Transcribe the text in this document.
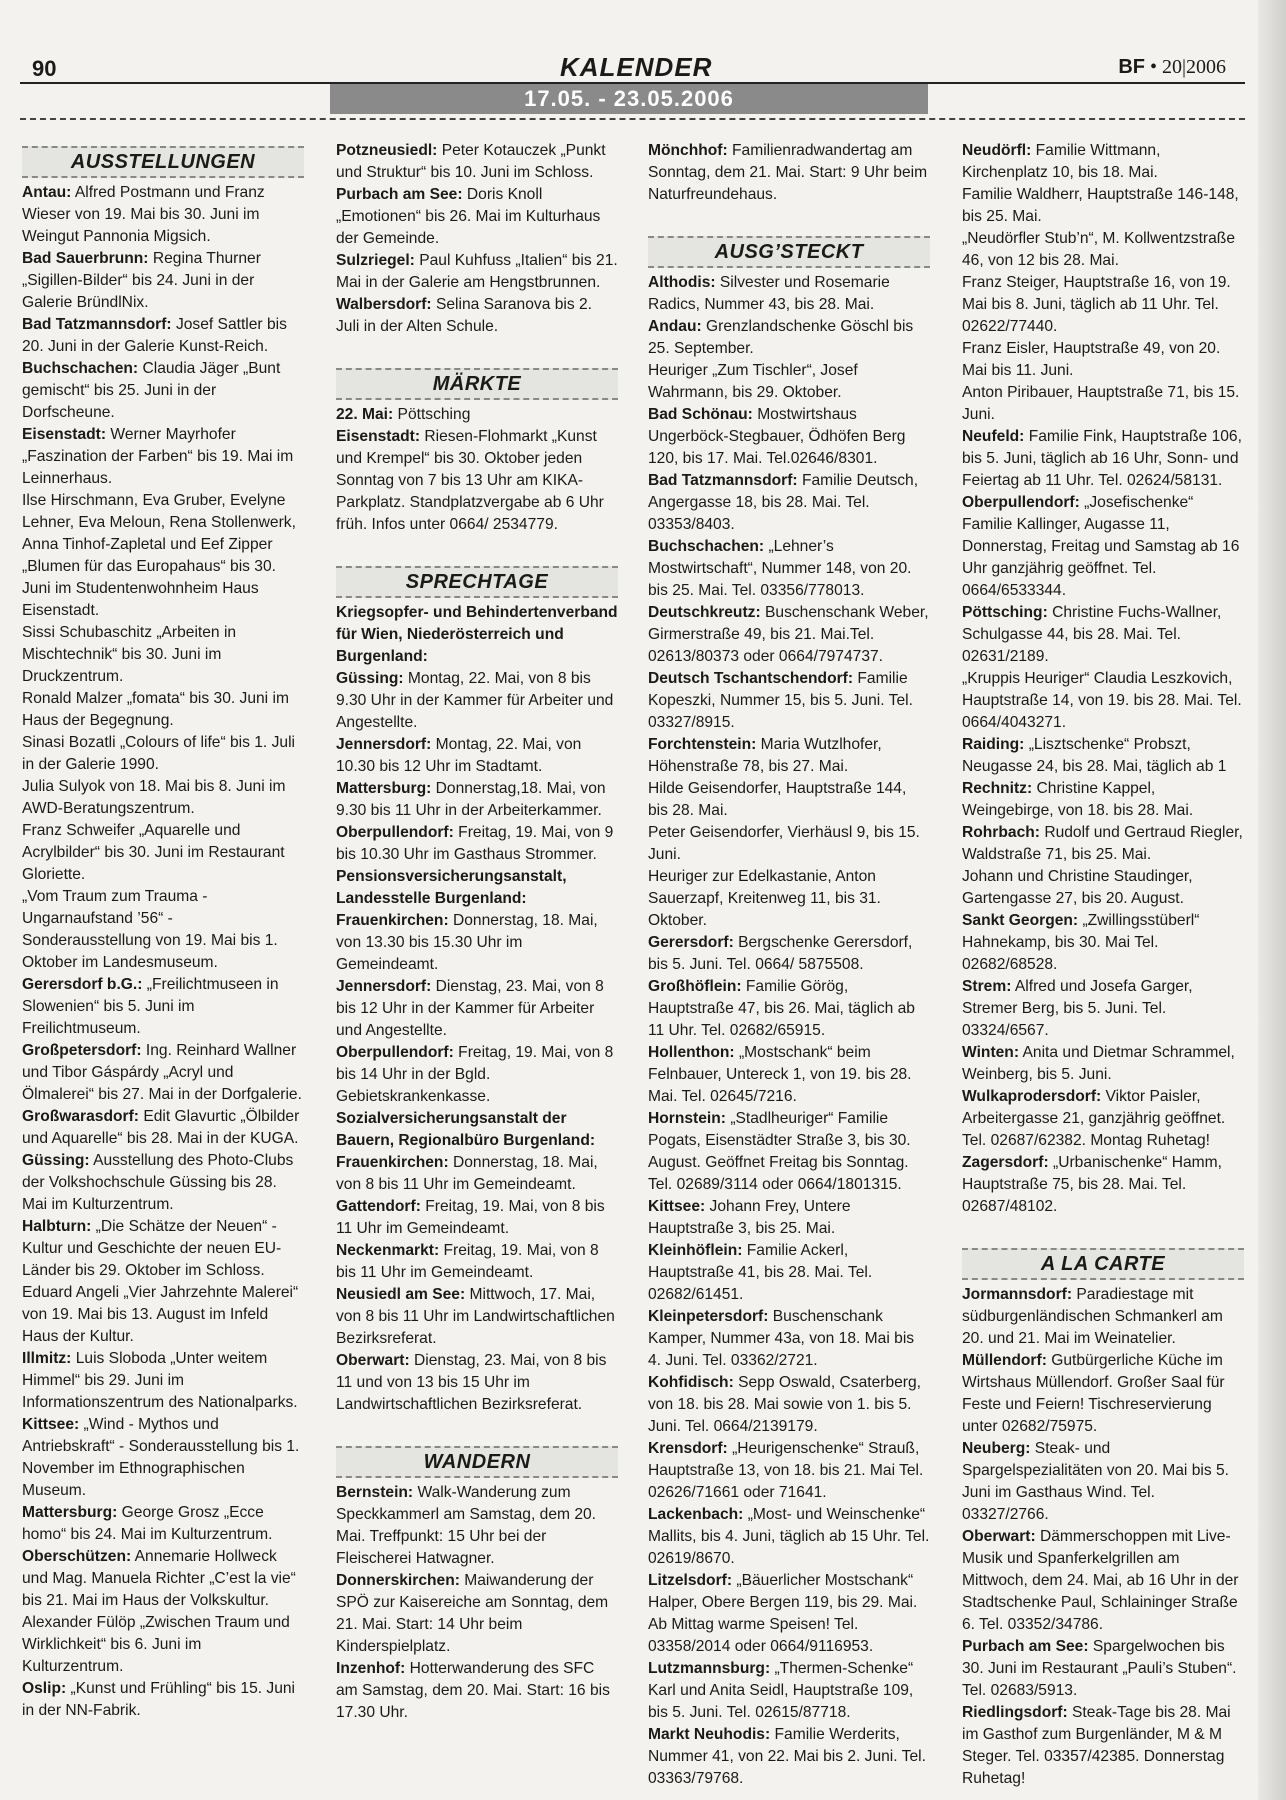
90	KALENDER	BF • 20|2006
17.05. - 23.05.2006
AUSSTELLUNGEN

Antau: Alfred Postmann und Franz Wieser von 19. Mai bis 30. Juni im Weingut Pannonia Migsich.

Bad Sauerbrunn: Regina Thurner „Sigillen-Bilder“ bis 24. Juni in der Galerie BründlNix.

Bad Tatzmannsdorf: Josef Sattler bis 20. Juni in der Galerie Kunst-Reich.

Buchschachen: Claudia Jäger „Bunt gemischt“ bis 25. Juni in der Dorfscheune.

Eisenstadt: Werner Mayrhofer „Faszination der Farben“ bis 19. Mai im Leinnerhaus.

Ilse Hirschmann, Eva Gruber, Evelyne Lehner, Eva Meloun, Rena Stollenwerk, Anna Tinhof-Zapletal und Eef Zipper „Blumen für das Europahaus“ bis 30. Juni im Studentenwohnheim Haus Eisenstadt.

Sissi Schubaschitz „Arbeiten in Mischtechnik“ bis 30. Juni im Druckzentrum.

Ronald Malzer „fomata“ bis 30. Juni im Haus der Begegnung.

Sinasi Bozatli „Colours of life“ bis 1. Juli in der Galerie 1990.

Julia Sulyok von 18. Mai bis 8. Juni im AWD-Beratungszentrum.

Franz Schweifer „Aquarelle und Acrylbilder“ bis 30. Juni im Restaurant Gloriette.

„Vom Traum zum Trauma - Ungarnaufstand ’56“ - Sonderausstellung von 19. Mai bis 1. Oktober im Landesmuseum.

Gerersdorf b.G.: „Freilichtmuseen in Slowenien“ bis 5. Juni im Freilichtmuseum.

Großpetersdorf: Ing. Reinhard Wallner und Tibor Gáspárdy „Acryl und Ölmalerei“ bis 27. Mai in der Dorfgalerie.

Großwarasdorf: Edit Glavurtic „Ölbilder und Aquarelle“ bis 28. Mai in der KUGA.

Güssing: Ausstellung des Photo-Clubs der Volkshochschule Güssing bis 28. Mai im Kulturzentrum.

Halbturn: „Die Schätze der Neuen“ - Kultur und Geschichte der neuen EU-Länder bis 29. Oktober im Schloss.

Eduard Angeli „Vier Jahrzehnte Malerei“ von 19. Mai bis 13. August im Infeld Haus der Kultur.

Illmitz: Luis Sloboda „Unter weitem Himmel“ bis 29. Juni im Informationszentrum des Nationalparks.

Kittsee: „Wind - Mythos und Antriebskraft“ - Sonderausstellung bis 1. November im Ethnographischen Museum.

Mattersburg: George Grosz „Ecce homo“ bis 24. Mai im Kulturzentrum.

Oberschützen: Annemarie Hollweck und Mag. Manuela Richter „C’est la vie“ bis 21. Mai im Haus der Volkskultur.

Alexander Fülöp „Zwischen Traum und Wirklichkeit“ bis 6. Juni im Kulturzentrum.

Oslip: „Kunst und Frühling“ bis 15. Juni in der NN-Fabrik.

Potzneusiedl: Peter Kotauczek „Punkt und Struktur“ bis 10. Juni im Schloss.

Purbach am See: Doris Knoll „Emotionen“ bis 26. Mai im Kulturhaus der Gemeinde.

Sulzriegel: Paul Kuhfuss „Italien“ bis 21. Mai in der Galerie am Hengstbrunnen.

Walbersdorf: Selina Saranova bis 2. Juli in der Alten Schule.

MÄRKTE

22. Mai: Pöttsching

Eisenstadt: Riesen-Flohmarkt „Kunst und Krempel“ bis 30. Oktober jeden Sonntag von 7 bis 13 Uhr am KIKA-Parkplatz. Standplatzvergabe ab 6 Uhr früh. Infos unter 0664/ 2534779.

SPRECHTAGE

Kriegsopfer- und Behindertenverband für Wien, Niederösterreich und Burgenland:

Güssing: Montag, 22. Mai, von 8 bis 9.30 Uhr in der Kammer für Arbeiter und Angestellte.

Jennersdorf: Montag, 22. Mai, von 10.30 bis 12 Uhr im Stadtamt.

Mattersburg: Donnerstag,18. Mai, von 9.30 bis 11 Uhr in der Arbeiterkammer.

Oberpullendorf: Freitag, 19. Mai, von 9 bis 10.30 Uhr im Gasthaus Strommer.

Pensionsversicherungsanstalt, Landesstelle Burgenland:

Frauenkirchen: Donnerstag, 18. Mai, von 13.30 bis 15.30 Uhr im Gemeindeamt.

Jennersdorf: Dienstag, 23. Mai, von 8 bis 12 Uhr in der Kammer für Arbeiter und Angestellte.

Oberpullendorf: Freitag, 19. Mai, von 8 bis 14 Uhr in der Bgld. Gebietskrankenkasse.

Sozialversicherungsanstalt der Bauern, Regionalbüro Burgenland:

Frauenkirchen: Donnerstag, 18. Mai, von 8 bis 11 Uhr im Gemeindeamt.

Gattendorf: Freitag, 19. Mai, von 8 bis 11 Uhr im Gemeindeamt.

Neckenmarkt: Freitag, 19. Mai, von 8 bis 11 Uhr im Gemeindeamt.

Neusiedl am See: Mittwoch, 17. Mai, von 8 bis 11 Uhr im Landwirtschaftlichen Bezirksreferat.

Oberwart: Dienstag, 23. Mai, von 8 bis 11 und von 13 bis 15 Uhr im Landwirtschaftlichen Bezirksreferat.

WANDERN

Bernstein: Walk-Wanderung zum Speckkammerl am Samstag, dem 20. Mai. Treffpunkt: 15 Uhr bei der Fleischerei Hatwagner.

Donnerskirchen: Maiwanderung der SPÖ zur Kaisereiche am Sonntag, dem 21. Mai. Start: 14 Uhr beim Kinderspielplatz.

Inzenhof: Hotterwanderung des SFC am Samstag, dem 20. Mai. Start: 16 bis 17.30 Uhr.

Mönchhof: Familienradwandertag am Sonntag, dem 21. Mai. Start: 9 Uhr beim Naturfreundehaus.

AUSG’STECKT

Althodis: Silvester und Rosemarie Radics, Nummer 43, bis 28. Mai.

Andau: Grenzlandschenke Göschl bis 25. September.

Heuriger „Zum Tischler“, Josef Wahrmann, bis 29. Oktober.

Bad Schönau: Mostwirtshaus Ungerböck-Stegbauer, Ödhöfen Berg 120, bis 17. Mai. Tel.02646/8301.

Bad Tatzmannsdorf: Familie Deutsch, Angergasse 18, bis 28. Mai. Tel. 03353/8403.

Buchschachen: „Lehner’s Mostwirtschaft“, Nummer 148, von 20. bis 25. Mai. Tel. 03356/778013.

Deutschkreutz: Buschenschank Weber, Girmerstraße 49, bis 21. Mai.Tel. 02613/80373 oder 0664/7974737.

Deutsch Tschantschendorf: Familie Kopeszki, Nummer 15, bis 5. Juni. Tel. 03327/8915.

Forchtenstein: Maria Wutzlhofer, Höhenstraße 78, bis 27. Mai.

Hilde Geisendorfer, Hauptstraße 144, bis 28. Mai.

Peter Geisendorfer, Vierhäusl 9, bis 15. Juni.

Heuriger zur Edelkastanie, Anton Sauerzapf, Kreitenweg 11, bis 31. Oktober.

Gerersdorf: Bergschenke Gerersdorf, bis 5. Juni. Tel. 0664/ 5875508.

Großhöflein: Familie Görög, Hauptstraße 47, bis 26. Mai, täglich ab 11 Uhr. Tel. 02682/65915.

Hollenthon: „Mostschank“ beim Felnbauer, Untereck 1, von 19. bis 28. Mai. Tel. 02645/7216.

Hornstein: „Stadlheuriger“ Familie Pogats, Eisenstädter Straße 3, bis 30. August. Geöffnet Freitag bis Sonntag. Tel. 02689/3114 oder 0664/1801315.

Kittsee: Johann Frey, Untere Hauptstraße 3, bis 25. Mai.

Kleinhöflein: Familie Ackerl, Hauptstraße 41, bis 28. Mai. Tel. 02682/61451.

Kleinpetersdorf: Buschenschank Kamper, Nummer 43a, von 18. Mai bis 4. Juni. Tel. 03362/2721.

Kohfidisch: Sepp Oswald, Csaterberg, von 18. bis 28. Mai sowie von 1. bis 5. Juni. Tel. 0664/2139179.

Krensdorf: „Heurigenschenke“ Strauß, Hauptstraße 13, von 18. bis 21. Mai Tel. 02626/71661 oder 71641.

Lackenbach: „Most- und Weinschenke“ Mallits, bis 4. Juni, täglich ab 15 Uhr. Tel. 02619/8670.

Litzelsdorf: „Bäuerlicher Mostschank“ Halper, Obere Bergen 119, bis 29. Mai. Ab Mittag warme Speisen! Tel. 03358/2014 oder 0664/9116953.

Lutzmannsburg: „Thermen-Schenke“ Karl und Anita Seidl, Hauptstraße 109, bis 5. Juni. Tel. 02615/87718.

Markt Neuhodis: Familie Werderits, Nummer 41, von 22. Mai bis 2. Juni. Tel. 03363/79768.

Neudörfl: Familie Wittmann, Kirchenplatz 10, bis 18. Mai.

Familie Waldherr, Hauptstraße 146-148, bis 25. Mai.

„Neudörfler Stub’n“, M. Kollwentzstraße 46, von 12 bis 28. Mai.

Franz Steiger, Hauptstraße 16, von 19. Mai bis 8. Juni, täglich ab 11 Uhr. Tel. 02622/77440.

Franz Eisler, Hauptstraße 49, von 20. Mai bis 11. Juni.

Anton Piribauer, Hauptstraße 71, bis 15. Juni.

Neufeld: Familie Fink, Hauptstraße 106, bis 5. Juni, täglich ab 16 Uhr, Sonn- und Feiertag ab 11 Uhr. Tel. 02624/58131.

Oberpullendorf: „Josefischenke“ Familie Kallinger, Augasse 11, Donnerstag, Freitag und Samstag ab 16 Uhr ganzjährig geöffnet. Tel. 0664/6533344.

Pöttsching: Christine Fuchs-Wallner, Schulgasse 44, bis 28. Mai. Tel. 02631/2189.

„Kruppis Heuriger“ Claudia Leszkovich, Hauptstraße 14, von 19. bis 28. Mai. Tel. 0664/4043271.

Raiding: „Lisztschenke“ Probszt, Neugasse 24, bis 28. Mai, täglich ab 1

Rechnitz: Christine Kappel, Weingebirge, von 18. bis 28. Mai.

Rohrbach: Rudolf und Gertraud Riegler, Waldstraße 71, bis 25. Mai.

Johann und Christine Staudinger, Gartengasse 27, bis 20. August.

Sankt Georgen: „Zwillingsstüberl“ Hahnekamp, bis 30. Mai Tel. 02682/68528.

Strem: Alfred und Josefa Garger, Stremer Berg, bis 5. Juni. Tel. 03324/6567.

Winten: Anita und Dietmar Schrammel, Weinberg, bis 5. Juni.

Wulkaprodersdorf: Viktor Paisler, Arbeitergasse 21, ganzjährig geöffnet. Tel. 02687/62382. Montag Ruhetag!

Zagersdorf: „Urbanischenke“ Hamm, Hauptstraße 75, bis 28. Mai. Tel. 02687/48102.

A LA CARTE

Jormannsdorf: Paradiestage mit südburgenländischen Schmankerl am 20. und 21. Mai im Weinatelier.

Müllendorf: Gutbürgerliche Küche im Wirtshaus Müllendorf. Großer Saal für Feste und Feiern! Tischreservierung unter 02682/75975.

Neuberg: Steak- und Spargelspezialitäten von 20. Mai bis 5. Juni im Gasthaus Wind. Tel. 03327/2766.

Oberwart: Dämmerschoppen mit Live-Musik und Spanferkelgrillen am Mittwoch, dem 24. Mai, ab 16 Uhr in der Stadtschenke Paul, Schlaininger Straße 6. Tel. 03352/34786.

Purbach am See: Spargelwochen bis 30. Juni im Restaurant „Pauli’s Stuben“. Tel. 02683/5913.

Riedlingsdorf: Steak-Tage bis 28. Mai im Gasthof zum Burgenländer, M & M Steger. Tel. 03357/42385. Donnerstag Ruhetag!
